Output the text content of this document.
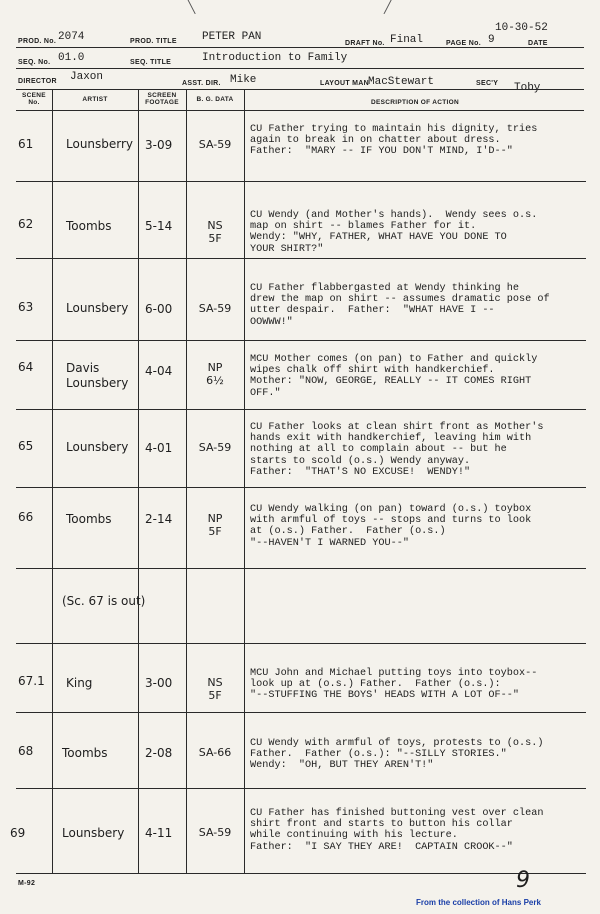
╲	╱
PROD. No. 2074	PROD. TITLE PETER PAN
DRAFT No. Final	PAGE No. 9
10-30-52
DATE
SEQ. No. 01.0	SEQ. TITLE	Introduction to Family
DIRECTOR Jaxon
ASST. DIR. Mike	LAYOUT MAN
MacStewart	SEC'Y Toby
SCENE No.	ARTIST
SCREEN FOOTAGE	B. G. DATA	DESCRIPTION OF ACTION
61	Lounsberry 3-09	SA-59
CU Father trying to maintain his dignity, tries
again to break in on chatter about dress.
Father:  "MARY -- IF YOU DON'T MIND, I'D--"
62	Toombs	5-14	NS
5F
CU Wendy (and Mother's hands).  Wendy sees o.s.
map on shirt -- blames Father for it.
Wendy: "WHY, FATHER, WHAT HAVE YOU DONE TO
YOUR SHIRT?"
63	Lounsbery 6-00	SA-59
CU Father flabbergasted at Wendy thinking he
drew the map on shirt -- assumes dramatic pose of
utter despair.  Father:  "WHAT HAVE I --
OOWWW!"
64	Davis
Lounsbery
4-04	NP
6½
MCU Mother comes (on pan) to Father and quickly
wipes chalk off shirt with handkerchief.
Mother: "NOW, GEORGE, REALLY -- IT COMES RIGHT
OFF."
65	Lounsbery 4-01	SA-59
CU Father looks at clean shirt front as Mother's
hands exit with handkerchief, leaving him with
nothing at all to complain about -- but he
starts to scold (o.s.) Wendy anyway.
Father:  "THAT'S NO EXCUSE!  WENDY!"
66	Toombs	2-14	NP
5F
CU Wendy walking (on pan) toward (o.s.) toybox
with armful of toys -- stops and turns to look
at (o.s.) Father.  Father (o.s.)
"--HAVEN'T I WARNED YOU--"
(Sc. 67 is out)
67.1 King	3-00	NS
5F
MCU John and Michael putting toys into toybox--
look up at (o.s.) Father.  Father (o.s.):
"--STUFFING THE BOYS' HEADS WITH A LOT OF--"
68 Toombs	2-08	SA-66
CU Wendy with armful of toys, protests to (o.s.)
Father.  Father (o.s.): "--SILLY STORIES."
Wendy:  "OH, BUT THEY AREN'T!"
69	Lounsbery 4-11	SA-59
CU Father has finished buttoning vest over clean
shirt front and starts to button his collar
while continuing with his lecture.
Father:  "I SAY THEY ARE!  CAPTAIN CROOK--"
M-92	9
From the collection of Hans Perk
